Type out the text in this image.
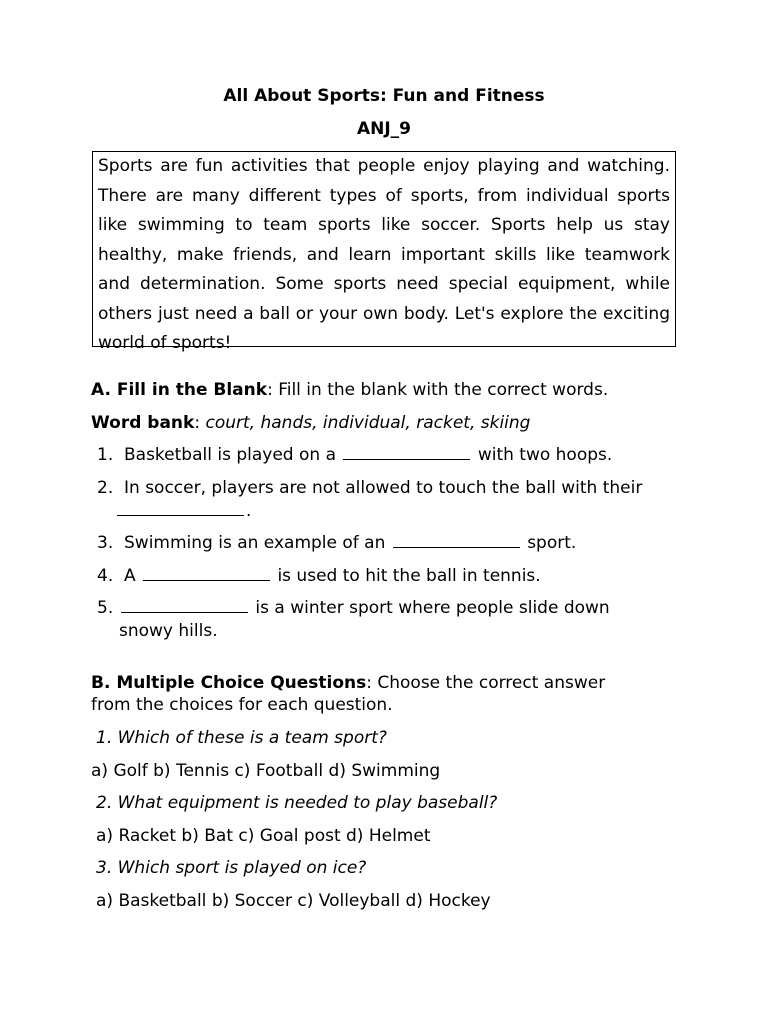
All About Sports: Fun and Fitness
ANJ_9
Sports are fun activities that people enjoy playing and watching. There are many different types of sports, from individual sports like swimming to team sports like soccer. Sports help us stay healthy, make friends, and learn important skills like teamwork and determination. Some sports need special equipment, while others just need a ball or your own body. Let's explore the exciting world of sports!
A. Fill in the Blank: Fill in the blank with the correct words.
Word bank: court, hands, individual, racket, skiing
1. Basketball is played on a	with two hoops.
2. In soccer, players are not allowed to touch the ball with their
.
3. Swimming is an example of an	sport.
4. A	is used to hit the ball in tennis.
5.	is a winter sport where people slide down
snowy hills.
B. Multiple Choice Questions: Choose the correct answer
from the choices for each question.
1. Which of these is a team sport?
a) Golf b) Tennis c) Football d) Swimming
2. What equipment is needed to play baseball?
a) Racket b) Bat c) Goal post d) Helmet
3. Which sport is played on ice?
a) Basketball b) Soccer c) Volleyball d) Hockey
